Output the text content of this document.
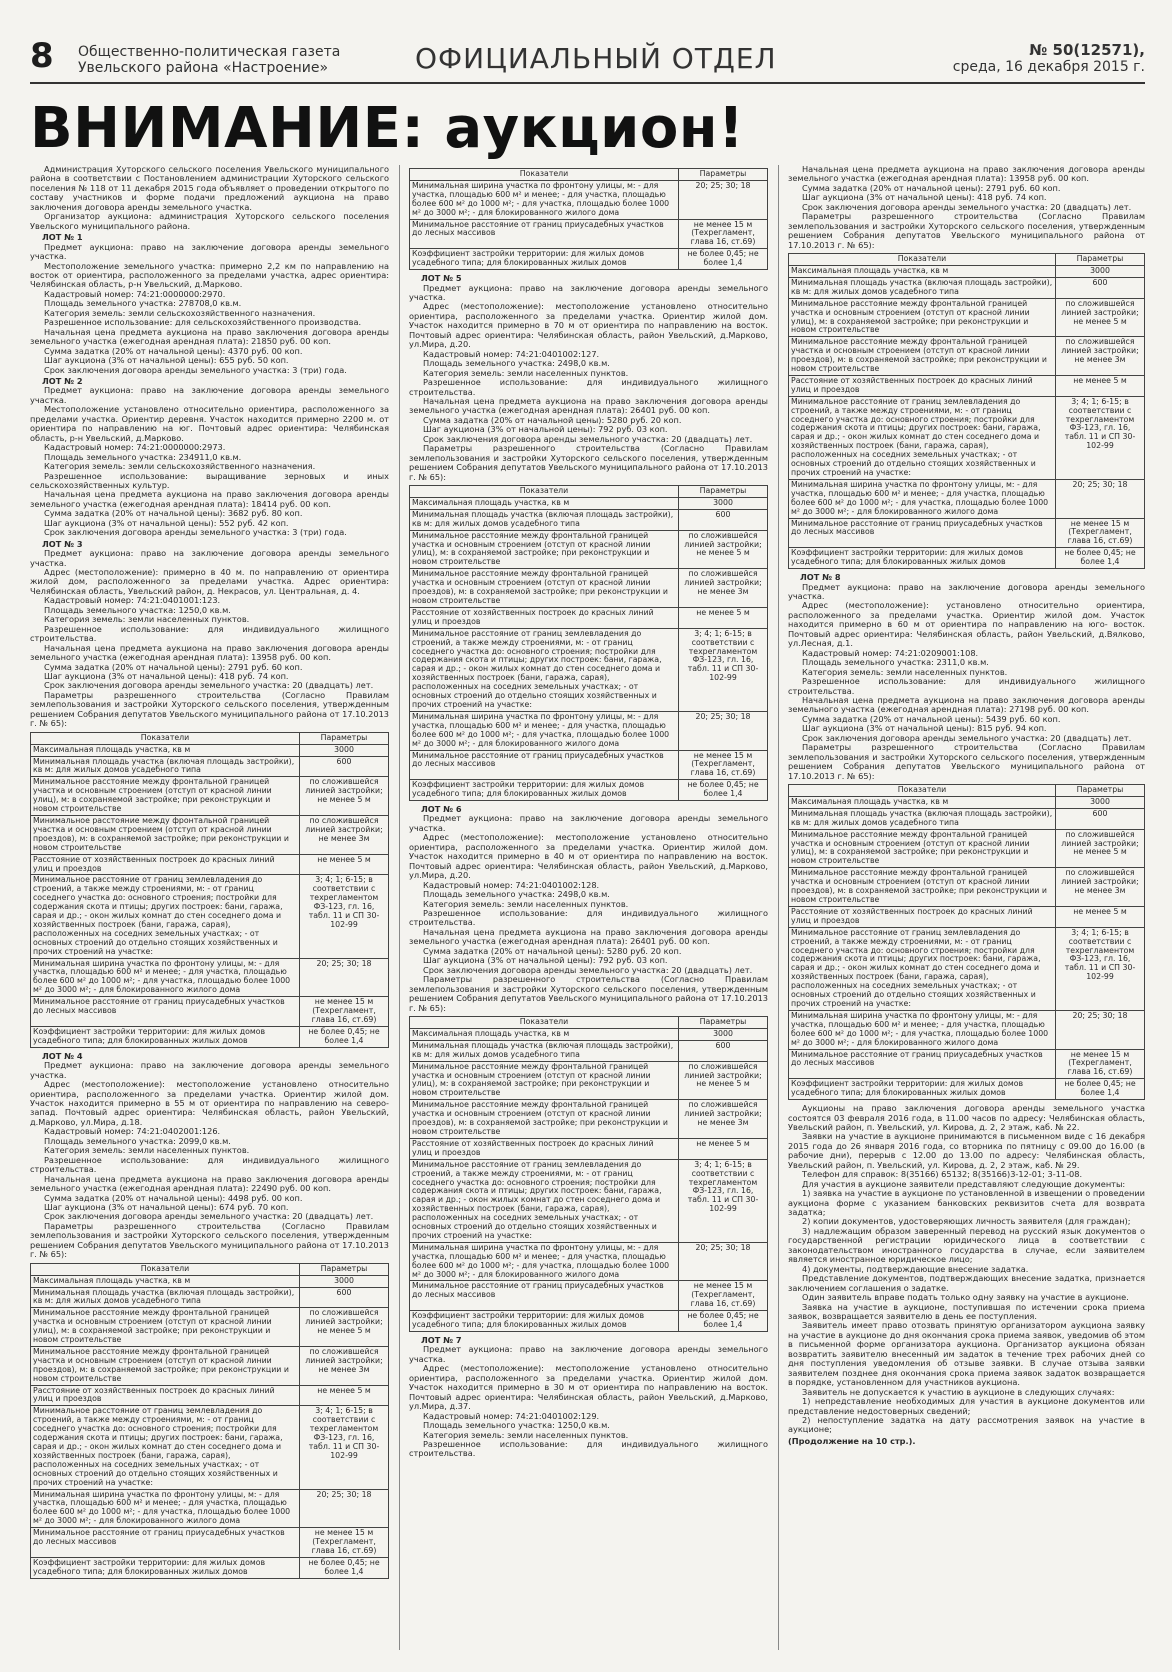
8 Общественно-политическая газета
Увельского района «Настроение»	ОФИЦИАЛЬНЫЙ ОТДЕЛ	№ 50(12571),
среда, 16 декабря 2015 г.
ВНИМАНИЕ: аукцион!

Администрация Хуторского сельского поселения Увельского муниципального района в соответствии с Постановлением администрации Хуторского сельского поселения № 118 от 11 декабря 2015 года объявляет о проведении открытого по составу участников и форме подачи предложений аукциона на право заключения договора аренды земельного участка.

Организатор аукциона: администрация Хуторского сельского поселения Увельского муниципального района.

ЛОТ № 1

Предмет аукциона: право на заключение договора аренды земельного участка.

Местоположение земельного участка: примерно 2,2 км по направлению на восток от ориентира, расположенного за пределами участка, адрес ориентира: Челябинская область, р-н Увельский, д.Марково.

Кадастровый номер: 74:21:0000000:2970.

Площадь земельного участка: 278708,0 кв.м.

Категория земель: земли сельскохозяйственного назначения.

Разрешенное использование: для сельскохозяйственного производства.

Начальная цена предмета аукциона на право заключения договора аренды земельного участка (ежегодная арендная плата): 21850 руб. 00 коп.

Сумма задатка (20% от начальной цены): 4370 руб. 00 коп.

Шаг аукциона (3% от начальной цены): 655 руб. 50 коп.

Срок заключения договора аренды земельного участка: 3 (три) года.

ЛОТ № 2

Предмет аукциона: право на заключение договора аренды земельного участка.

Местоположение установлено относительно ориентира, расположенного за пределами участка. Ориентир деревня. Участок находится примерно 2200 м. от ориентира по направлению на юг. Почтовый адрес ориентира: Челябинская область, р-н Увельский, д.Марково.

Кадастровый номер: 74:21:0000000:2973.

Площадь земельного участка: 234911,0 кв.м.

Категория земель: земли сельскохозяйственного назначения.

Разрешенное использование: выращивание зерновых и иных сельскохозяйственных культур.

Начальная цена предмета аукциона на право заключения договора аренды земельного участка (ежегодная арендная плата): 18414 руб. 00 коп.

Сумма задатка (20% от начальной цены): 3682 руб. 80 коп.

Шаг аукциона (3% от начальной цены): 552 руб. 42 коп.

Срок заключения договора аренды земельного участка: 3 (три) года.

ЛОТ № 3

Предмет аукциона: право на заключение договора аренды земельного участка.

Адрес (местоположение): примерно в 40 м. по направлению от ориентира жилой дом, расположенного за пределами участка. Адрес ориентира: Челябинская область, Увельский район, д. Некрасов, ул. Центральная, д. 4.

Кадастровый номер: 74:21:0401001:123.

Площадь земельного участка: 1250,0 кв.м.

Категория земель: земли населенных пунктов.

Разрешенное использование: для индивидуального жилищного строительства.

Начальная цена предмета аукциона на право заключения договора аренды земельного участка (ежегодная арендная плата): 13958 руб. 00 коп.

Сумма задатка (20% от начальной цены): 2791 руб. 60 коп.

Шаг аукциона (3% от начальной цены): 418 руб. 74 коп.

Срок заключения договора аренды земельного участка: 20 (двадцать) лет.

Параметры разрешенного строительства (Согласно Правилам землепользования и застройки Хуторского сельского поселения, утвержденным решением Собрания депутатов Увельского муниципального района от 17.10.2013 г. № 65):

Показатели	Параметры
Максимальная площадь участка, кв м	3000
Минимальная площадь участка (включая площадь застройки), кв м: для жилых домов усадебного типа	600
Минимальное расстояние между фронтальной границей участка и основным строением (отступ от красной линии улиц), м: в сохраняемой застройке; при реконструкции и новом строительстве	по сложившейся линией застройки; не менее 5 м
Минимальное расстояние между фронтальной границей участка и основным строением (отступ от красной линии проездов), м: в сохраняемой застройке; при реконструкции и новом строительстве	по сложившейся линией застройки; не менее 3м
Расстояние от хозяйственных построек до красных линий улиц и проездов	не менее 5 м
Минимальное расстояние от границ землевладения до строений, а также между строениями, м: - от границ соседнего участка до: основного строения; постройки для содержания скота и птицы; других построек: бани, гаража, сарая и др.; - окон жилых комнат до стен соседнего дома и хозяйственных построек (бани, гаража, сарая), расположенных на соседних земельных участках; - от основных строений до отдельно стоящих хозяйственных и прочих строений на участке:	3; 4; 1; 6-15; в соответствии с техрегламентом ФЗ-123, гл. 16, табл. 11 и СП 30-102-99
Минимальная ширина участка по фронтону улицы, м: - для участка, площадью 600 м² и менее; - для участка, площадью более 600 м² до 1000 м²; - для участка, площадью более 1000 м² до 3000 м²; - для блокированного жилого дома	20; 25; 30; 18
Минимальное расстояние от границ приусадебных участков до лесных массивов	не менее 15 м (Техрегламент, глава 16, ст.69)
Коэффициент застройки территории: для жилых домов усадебного типа; для блокированных жилых домов	не более 0,45; не более 1,4

ЛОТ № 4

Предмет аукциона: право на заключение договора аренды земельного участка.

Адрес (местоположение): местоположение установлено относительно ориентира, расположенного за пределами участка. Ориентир жилой дом. Участок находится примерно в 55 м от ориентира по направлению на северо-запад. Почтовый адрес ориентира: Челябинская область, район Увельский, д.Марково, ул.Мира, д.18.

Кадастровый номер: 74:21:0402001:126.

Площадь земельного участка: 2099,0 кв.м.

Категория земель: земли населенных пунктов.

Разрешенное использование: для индивидуального жилищного строительства.

Начальная цена предмета аукциона на право заключения договора аренды земельного участка (ежегодная арендная плата): 22490 руб. 00 коп.

Сумма задатка (20% от начальной цены): 4498 руб. 00 коп.

Шаг аукциона (3% от начальной цены): 674 руб. 70 коп.

Срок заключения договора аренды земельного участка: 20 (двадцать) лет.

Параметры разрешенного строительства (Согласно Правилам землепользования и застройки Хуторского сельского поселения, утвержденным решением Собрания депутатов Увельского муниципального района от 17.10.2013 г. № 65):

Показатели	Параметры
Максимальная площадь участка, кв м	3000
Минимальная площадь участка (включая площадь застройки), кв м: для жилых домов усадебного типа	600
Минимальное расстояние между фронтальной границей участка и основным строением (отступ от красной линии улиц), м: в сохраняемой застройке; при реконструкции и новом строительстве	по сложившейся линией застройки; не менее 5 м
Минимальное расстояние между фронтальной границей участка и основным строением (отступ от красной линии проездов), м: в сохраняемой застройке; при реконструкции и новом строительстве	по сложившейся линией застройки; не менее 3м
Расстояние от хозяйственных построек до красных линий улиц и проездов	не менее 5 м
Минимальное расстояние от границ землевладения до строений, а также между строениями, м: - от границ соседнего участка до: основного строения; постройки для содержания скота и птицы; других построек: бани, гаража, сарая и др.; - окон жилых комнат до стен соседнего дома и хозяйственных построек (бани, гаража, сарая), расположенных на соседних земельных участках; - от основных строений до отдельно стоящих хозяйственных и прочих строений на участке:	3; 4; 1; 6-15; в соответствии с техрегламентом ФЗ-123, гл. 16, табл. 11 и СП 30-102-99
Минимальная ширина участка по фронтону улицы, м: - для участка, площадью 600 м² и менее; - для участка, площадью более 600 м² до 1000 м²; - для участка, площадью более 1000 м² до 3000 м²; - для блокированного жилого дома	20; 25; 30; 18
Минимальное расстояние от границ приусадебных участков до лесных массивов	не менее 15 м (Техрегламент, глава 16, ст.69)
Коэффициент застройки территории: для жилых домов усадебного типа; для блокированных жилых домов	не более 0,45; не более 1,4
Показатели	Параметры
Минимальная ширина участка по фронтону улицы, м: - для участка, площадью 600 м² и менее; - для участка, площадью более 600 м² до 1000 м²; - для участка, площадью более 1000 м² до 3000 м²; - для блокированного жилого дома	20; 25; 30; 18
Минимальное расстояние от границ приусадебных участков до лесных массивов	не менее 15 м (Техрегламент, глава 16, ст.69)
Коэффициент застройки территории: для жилых домов усадебного типа; для блокированных жилых домов	не более 0,45; не более 1,4

ЛОТ № 5

Предмет аукциона: право на заключение договора аренды земельного участка.

Адрес (местоположение): местоположение установлено относительно ориентира, расположенного за пределами участка. Ориентир жилой дом. Участок находится примерно в 70 м от ориентира по направлению на восток. Почтовый адрес ориентира: Челябинская область, район Увельский, д.Марково, ул.Мира, д.20.

Кадастровый номер: 74:21:0401002:127.

Площадь земельного участка: 2498,0 кв.м.

Категория земель: земли населенных пунктов.

Разрешенное использование: для индивидуального жилищного строительства.

Начальная цена предмета аукциона на право заключения договора аренды земельного участка (ежегодная арендная плата): 26401 руб. 00 коп.

Сумма задатка (20% от начальной цены): 5280 руб. 20 коп.

Шаг аукциона (3% от начальной цены): 792 руб. 03 коп.

Срок заключения договора аренды земельного участка: 20 (двадцать) лет.

Параметры разрешенного строительства (Согласно Правилам землепользования и застройки Хуторского сельского поселения, утвержденным решением Собрания депутатов Увельского муниципального района от 17.10.2013 г. № 65):

Показатели	Параметры
Максимальная площадь участка, кв м	3000
Минимальная площадь участка (включая площадь застройки), кв м: для жилых домов усадебного типа	600
Минимальное расстояние между фронтальной границей участка и основным строением (отступ от красной линии улиц), м: в сохраняемой застройке; при реконструкции и новом строительстве	по сложившейся линией застройки; не менее 5 м
Минимальное расстояние между фронтальной границей участка и основным строением (отступ от красной линии проездов), м: в сохраняемой застройке; при реконструкции и новом строительстве	по сложившейся линией застройки; не менее 3м
Расстояние от хозяйственных построек до красных линий улиц и проездов	не менее 5 м
Минимальное расстояние от границ землевладения до строений, а также между строениями, м: - от границ соседнего участка до: основного строения; постройки для содержания скота и птицы; других построек: бани, гаража, сарая и др.; - окон жилых комнат до стен соседнего дома и хозяйственных построек (бани, гаража, сарая), расположенных на соседних земельных участках; - от основных строений до отдельно стоящих хозяйственных и прочих строений на участке:	3; 4; 1; 6-15; в соответствии с техрегламентом ФЗ-123, гл. 16, табл. 11 и СП 30-102-99
Минимальная ширина участка по фронтону улицы, м: - для участка, площадью 600 м² и менее; - для участка, площадью более 600 м² до 1000 м²; - для участка, площадью более 1000 м² до 3000 м²; - для блокированного жилого дома	20; 25; 30; 18
Минимальное расстояние от границ приусадебных участков до лесных массивов	не менее 15 м (Техрегламент, глава 16, ст.69)
Коэффициент застройки территории: для жилых домов усадебного типа; для блокированных жилых домов	не более 0,45; не более 1,4

ЛОТ № 6

Предмет аукциона: право на заключение договора аренды земельного участка.

Адрес (местоположение): местоположение установлено относительно ориентира, расположенного за пределами участка. Ориентир жилой дом. Участок находится примерно в 40 м от ориентира по направлению на восток. Почтовый адрес ориентира: Челябинская область, район Увельский, д.Марково, ул.Мира, д.20.

Кадастровый номер: 74:21:0401002:128.

Площадь земельного участка: 2498,0 кв.м.

Категория земель: земли населенных пунктов.

Разрешенное использование: для индивидуального жилищного строительства.

Начальная цена предмета аукциона на право заключения договора аренды земельного участка (ежегодная арендная плата): 26401 руб. 00 коп.

Сумма задатка (20% от начальной цены): 5280 руб. 20 коп.

Шаг аукциона (3% от начальной цены): 792 руб. 03 коп.

Срок заключения договора аренды земельного участка: 20 (двадцать) лет.

Параметры разрешенного строительства (Согласно Правилам землепользования и застройки Хуторского сельского поселения, утвержденным решением Собрания депутатов Увельского муниципального района от 17.10.2013 г. № 65):

Показатели	Параметры
Максимальная площадь участка, кв м	3000
Минимальная площадь участка (включая площадь застройки), кв м: для жилых домов усадебного типа	600
Минимальное расстояние между фронтальной границей участка и основным строением (отступ от красной линии улиц), м: в сохраняемой застройке; при реконструкции и новом строительстве	по сложившейся линией застройки; не менее 5 м
Минимальное расстояние между фронтальной границей участка и основным строением (отступ от красной линии проездов), м: в сохраняемой застройке; при реконструкции и новом строительстве	по сложившейся линией застройки; не менее 3м
Расстояние от хозяйственных построек до красных линий улиц и проездов	не менее 5 м
Минимальное расстояние от границ землевладения до строений, а также между строениями, м: - от границ соседнего участка до: основного строения; постройки для содержания скота и птицы; других построек: бани, гаража, сарая и др.; - окон жилых комнат до стен соседнего дома и хозяйственных построек (бани, гаража, сарая), расположенных на соседних земельных участках; - от основных строений до отдельно стоящих хозяйственных и прочих строений на участке:	3; 4; 1; 6-15; в соответствии с техрегламентом ФЗ-123, гл. 16, табл. 11 и СП 30-102-99
Минимальная ширина участка по фронтону улицы, м: - для участка, площадью 600 м² и менее; - для участка, площадью более 600 м² до 1000 м²; - для участка, площадью более 1000 м² до 3000 м²; - для блокированного жилого дома	20; 25; 30; 18
Минимальное расстояние от границ приусадебных участков до лесных массивов	не менее 15 м (Техрегламент, глава 16, ст.69)
Коэффициент застройки территории: для жилых домов усадебного типа; для блокированных жилых домов	не более 0,45; не более 1,4

ЛОТ № 7

Предмет аукциона: право на заключение договора аренды земельного участка.

Адрес (местоположение): местоположение установлено относительно ориентира, расположенного за пределами участка. Ориентир жилой дом. Участок находится примерно в 30 м от ориентира по направлению на восток. Почтовый адрес ориентира: Челябинская область, район Увельский, д.Марково, ул.Мира, д.37.

Кадастровый номер: 74:21:0401002:129.

Площадь земельного участка: 1250,0 кв.м.

Категория земель: земли населенных пунктов.

Разрешенное использование: для индивидуального жилищного строительства.

Начальная цена предмета аукциона на право заключения договора аренды земельного участка (ежегодная арендная плата): 13958 руб. 00 коп.

Сумма задатка (20% от начальной цены): 2791 руб. 60 коп.

Шаг аукциона (3% от начальной цены): 418 руб. 74 коп.

Срок заключения договора аренды земельного участка: 20 (двадцать) лет.

Параметры разрешенного строительства (Согласно Правилам землепользования и застройки Хуторского сельского поселения, утвержденным решением Собрания депутатов Увельского муниципального района от 17.10.2013 г. № 65):

Показатели	Параметры
Максимальная площадь участка, кв м	3000
Минимальная площадь участка (включая площадь застройки), кв м: для жилых домов усадебного типа	600
Минимальное расстояние между фронтальной границей участка и основным строением (отступ от красной линии улиц), м: в сохраняемой застройке; при реконструкции и новом строительстве	по сложившейся линией застройки; не менее 5 м
Минимальное расстояние между фронтальной границей участка и основным строением (отступ от красной линии проездов), м: в сохраняемой застройке; при реконструкции и новом строительстве	по сложившейся линией застройки; не менее 3м
Расстояние от хозяйственных построек до красных линий улиц и проездов	не менее 5 м
Минимальное расстояние от границ землевладения до строений, а также между строениями, м: - от границ соседнего участка до: основного строения; постройки для содержания скота и птицы; других построек: бани, гаража, сарая и др.; - окон жилых комнат до стен соседнего дома и хозяйственных построек (бани, гаража, сарая), расположенных на соседних земельных участках; - от основных строений до отдельно стоящих хозяйственных и прочих строений на участке:	3; 4; 1; 6-15; в соответствии с техрегламентом ФЗ-123, гл. 16, табл. 11 и СП 30-102-99
Минимальная ширина участка по фронтону улицы, м: - для участка, площадью 600 м² и менее; - для участка, площадью более 600 м² до 1000 м²; - для участка, площадью более 1000 м² до 3000 м²; - для блокированного жилого дома	20; 25; 30; 18
Минимальное расстояние от границ приусадебных участков до лесных массивов	не менее 15 м (Техрегламент, глава 16, ст.69)
Коэффициент застройки территории: для жилых домов усадебного типа; для блокированных жилых домов	не более 0,45; не более 1,4

ЛОТ № 8

Предмет аукциона: право на заключение договора аренды земельного участка.

Адрес (местоположение): установлено относительно ориентира, расположенного за пределами участка. Ориентир жилой дом. Участок находится примерно в 60 м от ориентира по направлению на юго- восток. Почтовый адрес ориентира: Челябинская область, район Увельский, д.Вялково, ул.Лесная, д.1.

Кадастровый номер: 74:21:0209001:108.

Площадь земельного участка: 2311,0 кв.м.

Категория земель: земли населенных пунктов.

Разрешенное использование: для индивидуального жилищного строительства.

Начальная цена предмета аукциона на право заключения договора аренды земельного участка (ежегодная арендная плата): 27198 руб. 00 коп.

Сумма задатка (20% от начальной цены): 5439 руб. 60 коп.

Шаг аукциона (3% от начальной цены): 815 руб. 94 коп.

Срок заключения договора аренды земельного участка: 20 (двадцать) лет.

Параметры разрешенного строительства (Согласно Правилам землепользования и застройки Хуторского сельского поселения, утвержденным решением Собрания депутатов Увельского муниципального района от 17.10.2013 г. № 65):

Показатели	Параметры
Максимальная площадь участка, кв м	3000
Минимальная площадь участка (включая площадь застройки), кв м: для жилых домов усадебного типа	600
Минимальное расстояние между фронтальной границей участка и основным строением (отступ от красной линии улиц), м: в сохраняемой застройке; при реконструкции и новом строительстве	по сложившейся линией застройки; не менее 5 м
Минимальное расстояние между фронтальной границей участка и основным строением (отступ от красной линии проездов), м: в сохраняемой застройке; при реконструкции и новом строительстве	по сложившейся линией застройки; не менее 3м
Расстояние от хозяйственных построек до красных линий улиц и проездов	не менее 5 м
Минимальное расстояние от границ землевладения до строений, а также между строениями, м: - от границ соседнего участка до: основного строения; постройки для содержания скота и птицы; других построек: бани, гаража, сарая и др.; - окон жилых комнат до стен соседнего дома и хозяйственных построек (бани, гаража, сарая), расположенных на соседних земельных участках; - от основных строений до отдельно стоящих хозяйственных и прочих строений на участке:	3; 4; 1; 6-15; в соответствии с техрегламентом ФЗ-123, гл. 16, табл. 11 и СП 30-102-99
Минимальная ширина участка по фронтону улицы, м: - для участка, площадью 600 м² и менее; - для участка, площадью более 600 м² до 1000 м²; - для участка, площадью более 1000 м² до 3000 м²; - для блокированного жилого дома	20; 25; 30; 18
Минимальное расстояние от границ приусадебных участков до лесных массивов	не менее 15 м (Техрегламент, глава 16, ст.69)
Коэффициент застройки территории: для жилых домов усадебного типа; для блокированных жилых домов	не более 0,45; не более 1,4

Аукционы на право заключения договора аренды земельного участка состоятся 03 февраля 2016 года, в 11.00 часов по адресу: Челябинская область, Увельский район, п. Увельский, ул. Кирова, д. 2, 2 этаж, каб. № 22.

Заявки на участие в аукционе принимаются в письменном виде с 16 декабря 2015 года до 26 января 2016 года, со вторника по пятницу с 09.00 до 16.00 (в рабочие дни), перерыв с 12.00 до 13.00 по адресу: Челябинская область, Увельский район, п. Увельский, ул. Кирова, д. 2, 2 этаж, каб. № 29.

Телефон для справок: 8(35166) 65132; 8(35166)3-12-01; 3-11-08.

Для участия в аукционе заявители представляют следующие документы:

1) заявка на участие в аукционе по установленной в извещении о проведении аукциона форме с указанием банковских реквизитов счета для возврата задатка;

2) копии документов, удостоверяющих личность заявителя (для граждан);

3) надлежащим образом заверенный перевод на русский язык документов о государственной регистрации юридического лица в соответствии с законодательством иностранного государства в случае, если заявителем является иностранное юридическое лицо;

4) документы, подтверждающие внесение задатка.

Представление документов, подтверждающих внесение задатка, признается заключением соглашения о задатке.

Один заявитель вправе подать только одну заявку на участие в аукционе.

Заявка на участие в аукционе, поступившая по истечении срока приема заявок, возвращается заявителю в день ее поступления.

Заявитель имеет право отозвать принятую организатором аукциона заявку на участие в аукционе до дня окончания срока приема заявок, уведомив об этом в письменной форме организатора аукциона. Организатор аукциона обязан возвратить заявителю внесенный им задаток в течение трех рабочих дней со дня поступления уведомления об отзыве заявки. В случае отзыва заявки заявителем позднее дня окончания срока приема заявок задаток возвращается в порядке, установленном для участников аукциона.

Заявитель не допускается к участию в аукционе в следующих случаях:

1) непредставление необходимых для участия в аукционе документов или представление недостоверных сведений;

2) непоступление задатка на дату рассмотрения заявок на участие в аукционе;

(Продолжение на 10 стр.).
